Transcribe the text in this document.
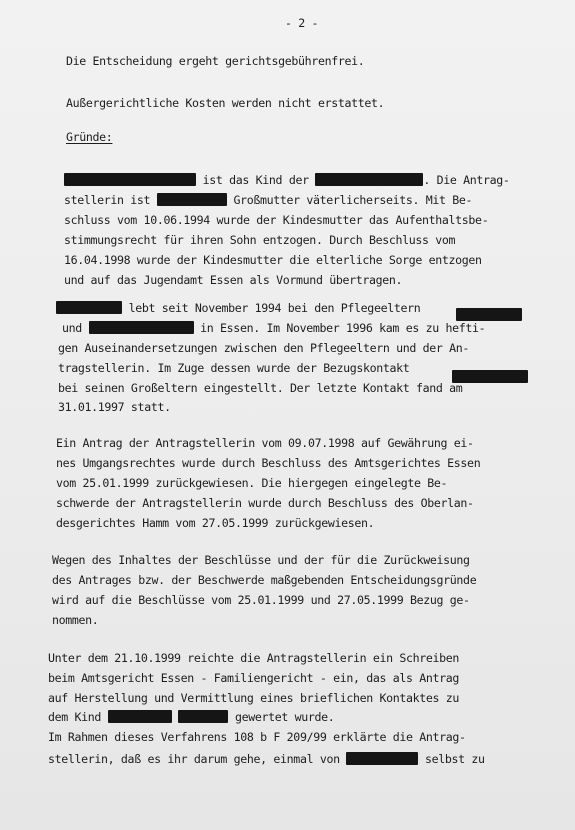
- 2 -
Die Entscheidung ergeht gerichtsgebührenfrei.
Außergerichtliche Kosten werden nicht erstattet.
Gründe:
ist das Kind der	. Die Antrag-
stellerin ist	Großmutter väterlicherseits. Mit Be-
schluss vom 10.06.1994 wurde der Kindesmutter das Aufenthaltsbe-
stimmungsrecht für ihren Sohn entzogen. Durch Beschluss vom
16.04.1998 wurde der Kindesmutter die elterliche Sorge entzogen
und auf das Jugendamt Essen als Vormund übertragen.
lebt seit November 1994 bei den Pflegeeltern
und	in Essen. Im November 1996 kam es zu hefti-
gen Auseinandersetzungen zwischen den Pflegeeltern und der An-
tragstellerin. Im Zuge dessen wurde der Bezugskontakt
bei seinen Großeltern eingestellt. Der letzte Kontakt fand am
31.01.1997 statt.
Ein Antrag der Antragstellerin vom 09.07.1998 auf Gewährung ei-
nes Umgangsrechtes wurde durch Beschluss des Amtsgerichtes Essen
vom 25.01.1999 zurückgewiesen. Die hiergegen eingelegte Be-
schwerde der Antragstellerin wurde durch Beschluss des Oberlan-
desgerichtes Hamm vom 27.05.1999 zurückgewiesen.
Wegen des Inhaltes der Beschlüsse und der für die Zurückweisung
des Antrages bzw. der Beschwerde maßgebenden Entscheidungsgründe
wird auf die Beschlüsse vom 25.01.1999 und 27.05.1999 Bezug ge-
nommen.
Unter dem 21.10.1999 reichte die Antragstellerin ein Schreiben
beim Amtsgericht Essen - Familiengericht - ein, das als Antrag
auf Herstellung und Vermittlung eines brieflichen Kontaktes zu
dem Kind	gewertet wurde.
Im Rahmen dieses Verfahrens 108 b F 209/99 erklärte die Antrag-
stellerin, daß es ihr darum gehe, einmal von	selbst zu
